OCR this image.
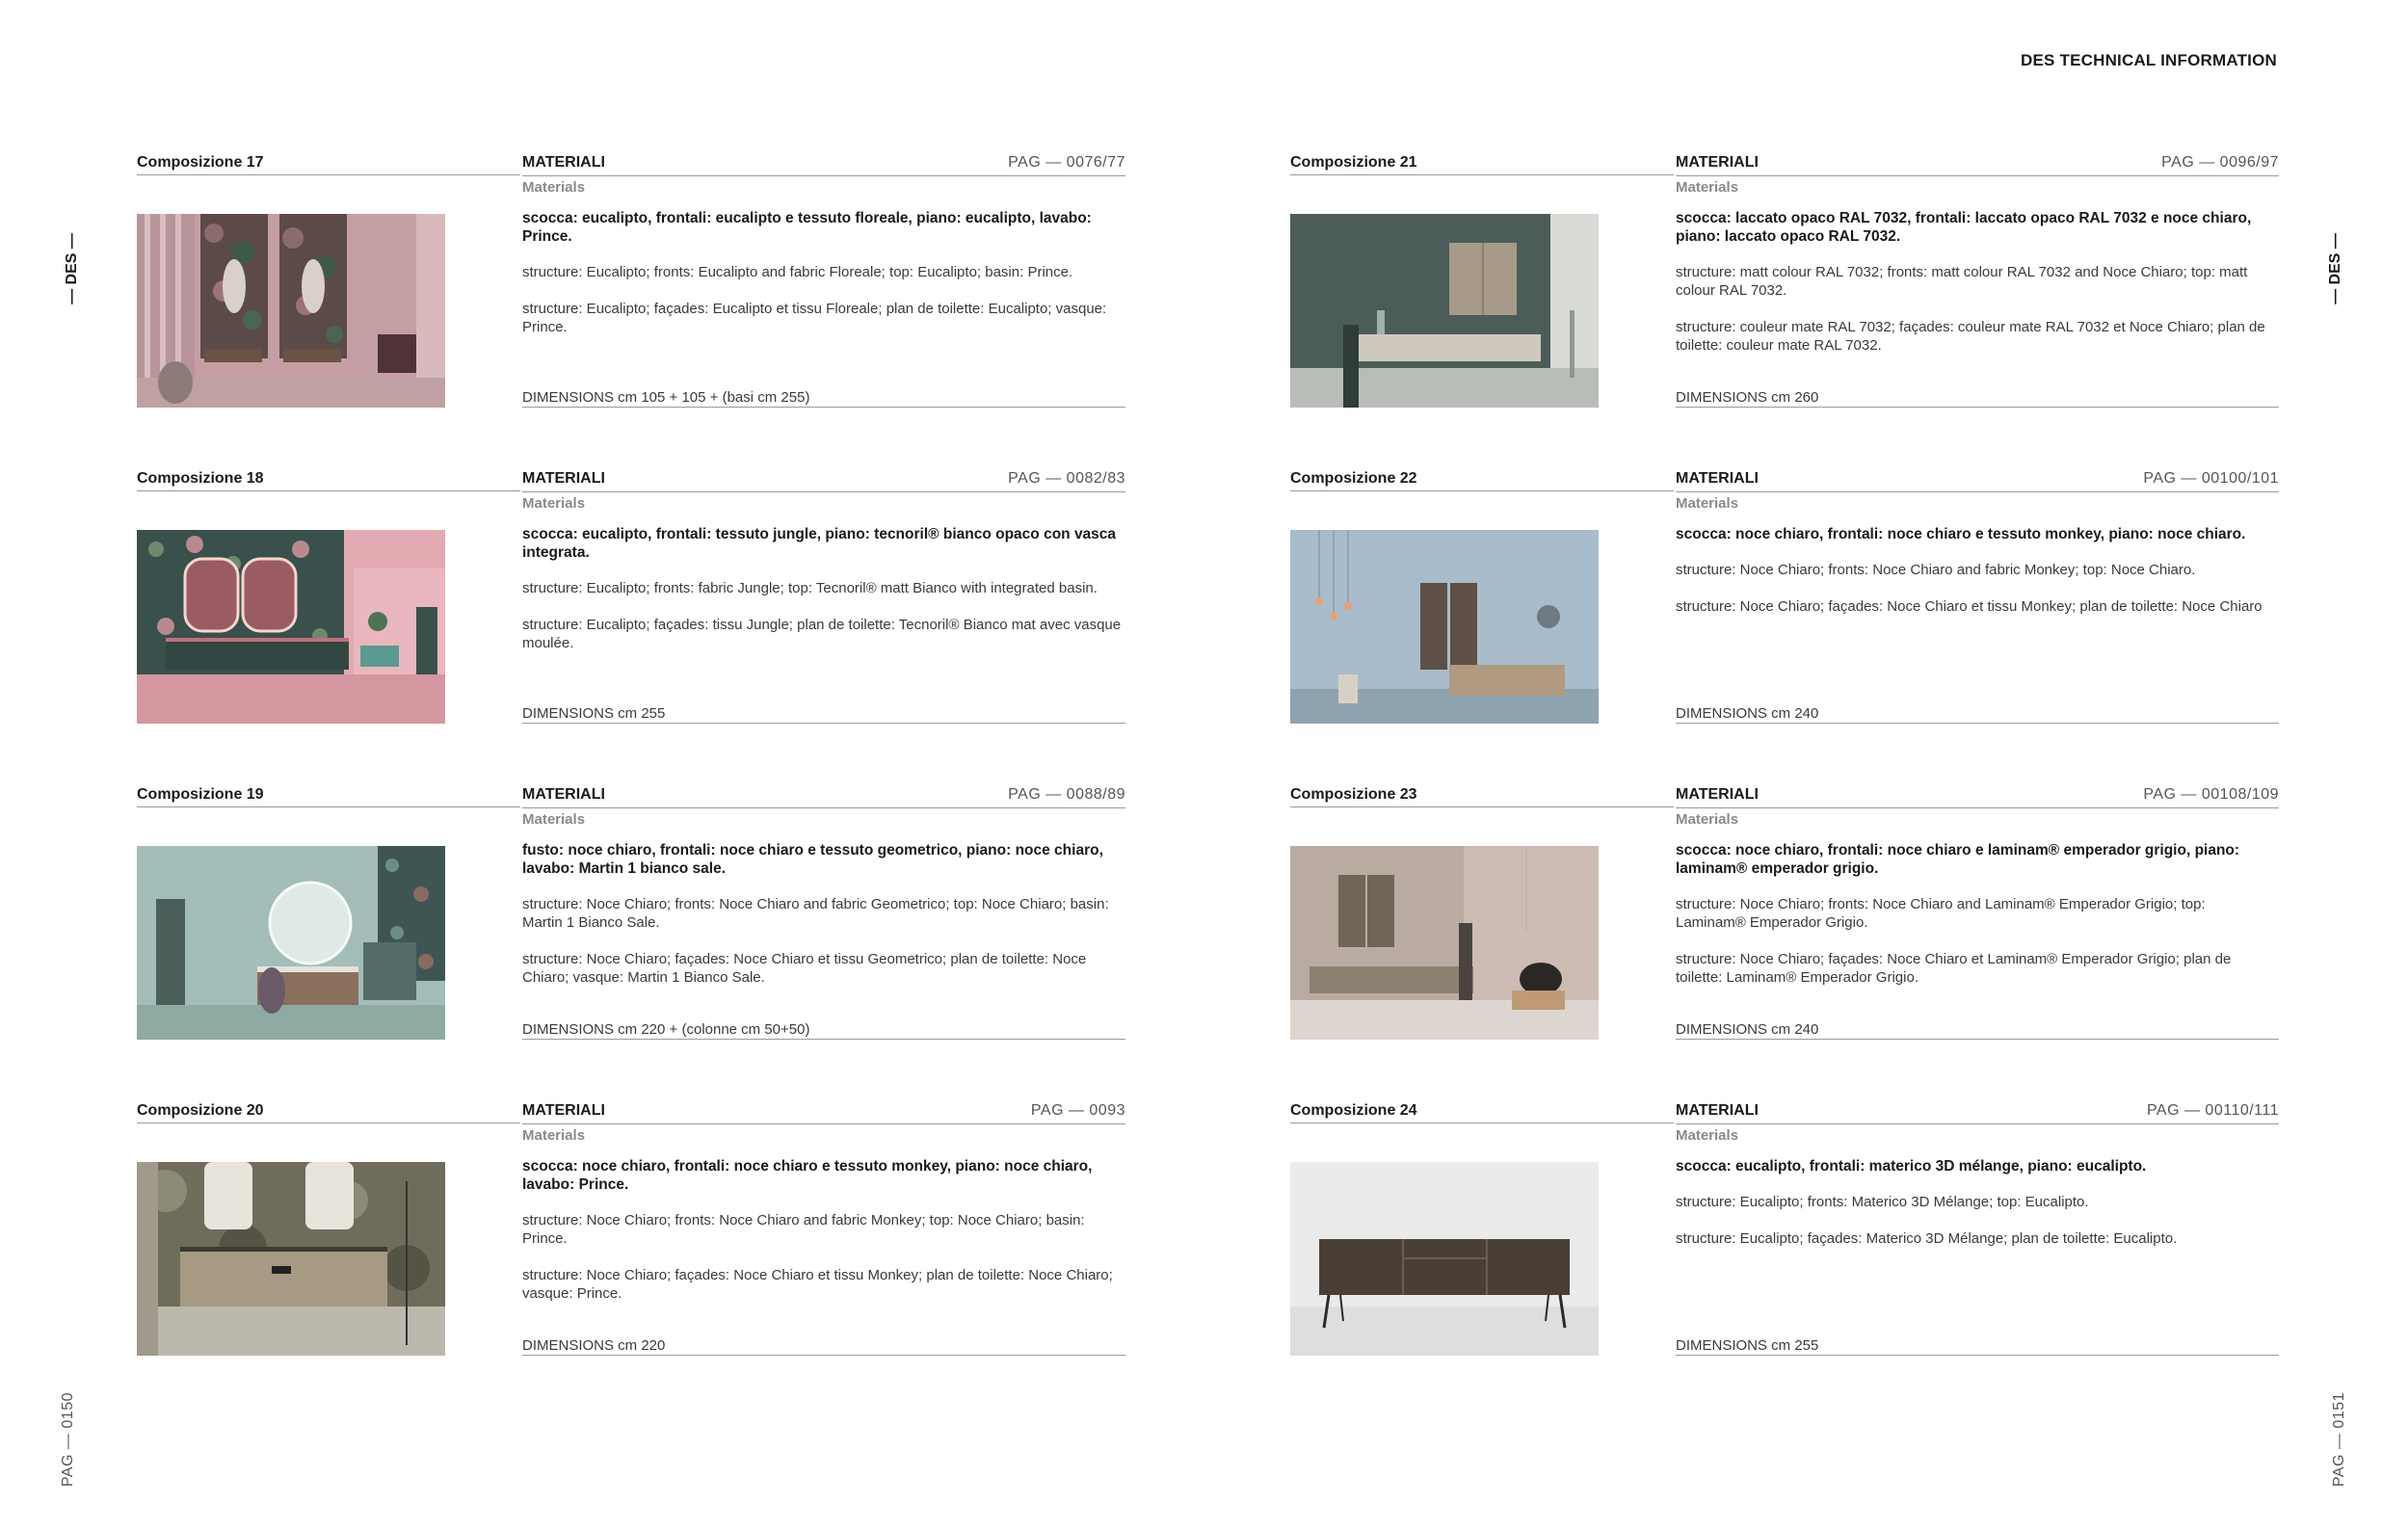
DES TECHNICAL INFORMATION
— DES —	— DES —
PAG — 0150	PAG — 0151
Composizione 17	MATERIALI	PAG — 0076/77
Materials
scocca: eucalipto, frontali: eucalipto e tessuto floreale, piano: eucalipto, lavabo: Prince.
structure: Eucalipto; fronts: Eucalipto and fabric Floreale; top: Eucalipto; basin: Prince.
structure: Eucalipto; façades: Eucalipto et tissu Floreale; plan de toilette: Eucalipto; vasque: Prince.
DIMENSIONS cm 105 + 105 + (basi cm 255)
Composizione 18	MATERIALI	PAG — 0082/83
Materials
scocca: eucalipto, frontali: tessuto jungle, piano: tecnoril® bianco opaco con vasca integrata.
structure: Eucalipto; fronts: fabric Jungle; top: Tecnoril® matt Bianco with integrated basin.
structure: Eucalipto; façades: tissu Jungle; plan de toilette: Tecnoril® Bianco mat avec vasque moulée.
DIMENSIONS cm 255
Composizione 19	MATERIALI	PAG — 0088/89
Materials
fusto: noce chiaro, frontali: noce chiaro e tessuto geometrico, piano: noce chiaro, lavabo: Martin 1 bianco sale.
structure: Noce Chiaro; fronts: Noce Chiaro and fabric Geometrico; top: Noce Chiaro; basin: Martin 1 Bianco Sale.
structure: Noce Chiaro; façades: Noce Chiaro et tissu Geometrico; plan de toilette: Noce Chiaro; vasque: Martin 1 Bianco Sale.
DIMENSIONS cm 220 + (colonne cm 50+50)
Composizione 20	MATERIALI	PAG — 0093
Materials
scocca: noce chiaro, frontali: noce chiaro e tessuto monkey, piano: noce chiaro, lavabo: Prince.
structure: Noce Chiaro; fronts: Noce Chiaro and fabric Monkey; top: Noce Chiaro; basin: Prince.
structure: Noce Chiaro; façades: Noce Chiaro et tissu Monkey; plan de toilette: Noce Chiaro; vasque: Prince.
DIMENSIONS cm 220
Composizione 21	MATERIALI	PAG — 0096/97
Materials
scocca: laccato opaco RAL 7032, frontali: laccato opaco RAL 7032 e noce chiaro, piano: laccato opaco RAL 7032.
structure: matt colour RAL 7032; fronts: matt colour RAL 7032 and Noce Chiaro; top: matt colour RAL 7032.
structure: couleur mate RAL 7032; façades: couleur mate RAL 7032 et Noce Chiaro; plan de toilette: couleur mate RAL 7032.
DIMENSIONS cm 260
Composizione 22	MATERIALI	PAG — 00100/101
Materials
scocca: noce chiaro, frontali: noce chiaro e tessuto monkey, piano: noce chiaro.
structure: Noce Chiaro; fronts: Noce Chiaro and fabric Monkey; top: Noce Chiaro.
structure: Noce Chiaro; façades: Noce Chiaro et tissu Monkey; plan de toilette: Noce Chiaro
DIMENSIONS cm 240
Composizione 23	MATERIALI	PAG — 00108/109
Materials
scocca: noce chiaro, frontali: noce chiaro e laminam® emperador grigio, piano: laminam® emperador grigio.
structure: Noce Chiaro; fronts: Noce Chiaro and Laminam® Emperador Grigio; top: Laminam® Emperador Grigio.
structure: Noce Chiaro; façades: Noce Chiaro et Laminam® Emperador Grigio; plan de toilette: Laminam® Emperador Grigio.
DIMENSIONS cm 240
Composizione 24	MATERIALI	PAG — 00110/111
Materials
scocca: eucalipto, frontali: materico 3D mélange, piano: eucalipto.
structure: Eucalipto; fronts: Materico 3D Mélange; top: Eucalipto.
structure: Eucalipto; façades: Materico 3D Mélange; plan de toilette: Eucalipto.
DIMENSIONS cm 255
